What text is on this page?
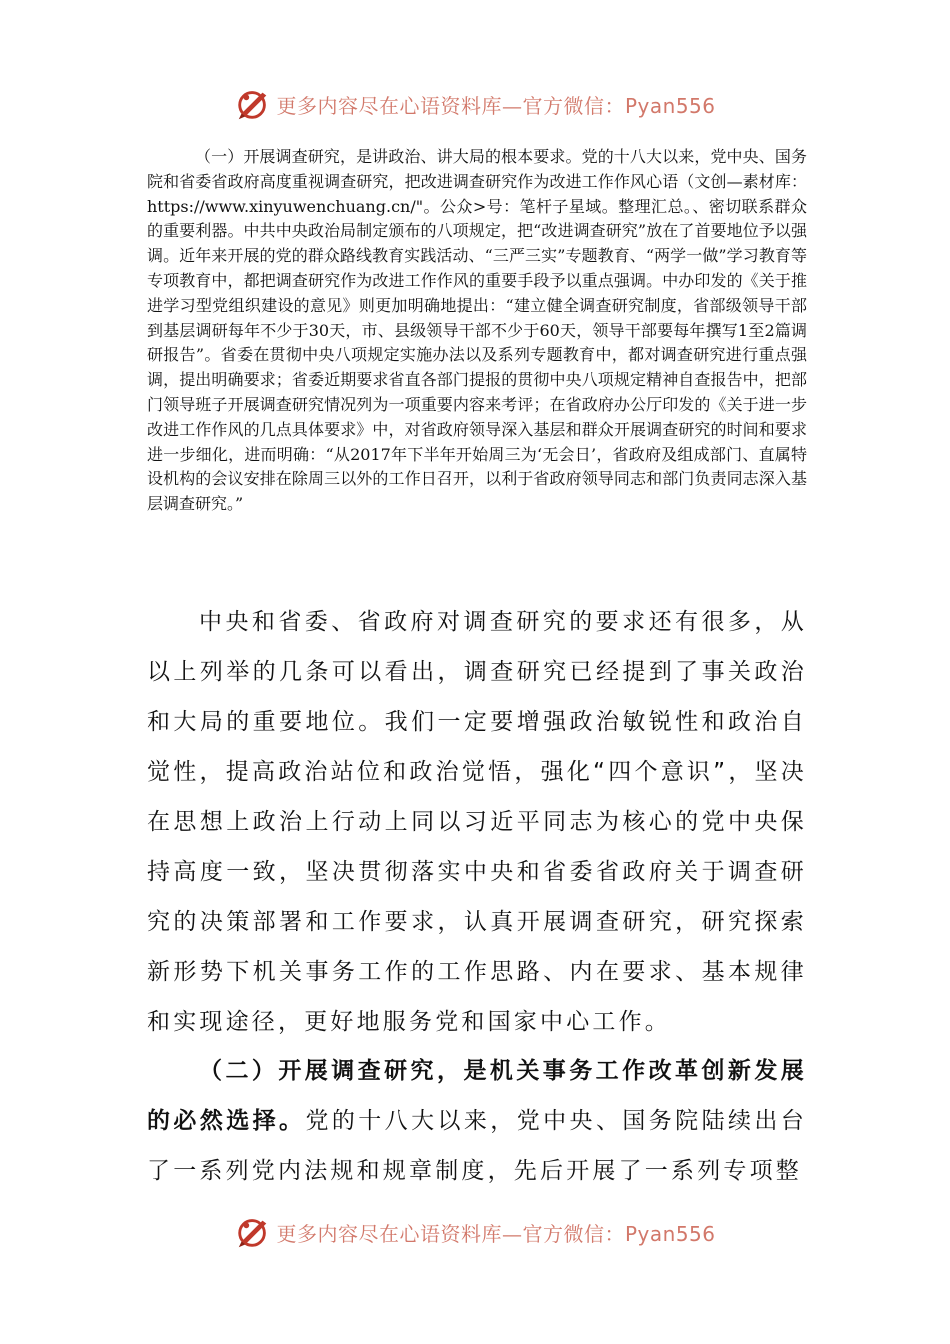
更多内容尽在心语资料库—官方微信：Pyan556
（一）开展调查研究，是讲政治、讲大局的根本要求。党的十八大以来，党中央、国务院和省委省政府高度重视调查研究，把改进调查研究作为改进工作作风心语（文创—素材库：https://www.xinyuwenchuang.cn/"。公众>号：笔杆子星域。整理汇总。、密切联系群众的重要利器。中共中央政治局制定颁布的八项规定，把“改进调查研究”放在了首要地位予以强调。近年来开展的党的群众路线教育实践活动、“三严三实”专题教育、“两学一做”学习教育等专项教育中，都把调查研究作为改进工作作风的重要手段予以重点强调。中办印发的《关于推进学习型党组织建设的意见》则更加明确地提出：“建立健全调查研究制度，省部级领导干部到基层调研每年不少于30天，市、县级领导干部不少于60天，领导干部要每年撰写1至2篇调研报告”。省委在贯彻中央八项规定实施办法以及系列专题教育中，都对调查研究进行重点强调，提出明确要求；省委近期要求省直各部门提报的贯彻中央八项规定精神自查报告中，把部门领导班子开展调查研究情况列为一项重要内容来考评；在省政府办公厅印发的《关于进一步改进工作作风的几点具体要求》中，对省政府领导深入基层和群众开展调查研究的时间和要求进一步细化，进而明确：“从2017年下半年开始周三为‘无会日’，省政府及组成部门、直属特设机构的会议安排在除周三以外的工作日召开，以利于省政府领导同志和部门负责同志深入基层调查研究。”
中央和省委、省政府对调查研究的要求还有很多，从以上列举的几条可以看出，调查研究已经提到了事关政治和大局的重要地位。我们一定要增强政治敏锐性和政治自觉性，提高政治站位和政治觉悟，强化“四个意识”，坚决在思想上政治上行动上同以习近平同志为核心的党中央保持高度一致，坚决贯彻落实中央和省委省政府关于调查研究的决策部署和工作要求，认真开展调查研究，研究探索新形势下机关事务工作的工作思路、内在要求、基本规律和实现途径，更好地服务党和国家中心工作。
（二）开展调查研究，是机关事务工作改革创新发展的必然选择。党的十八大以来，党中央、国务院陆续出台了一系列党内法规和规章制度，先后开展了一系列专项整
更多内容尽在心语资料库—官方微信：Pyan556
